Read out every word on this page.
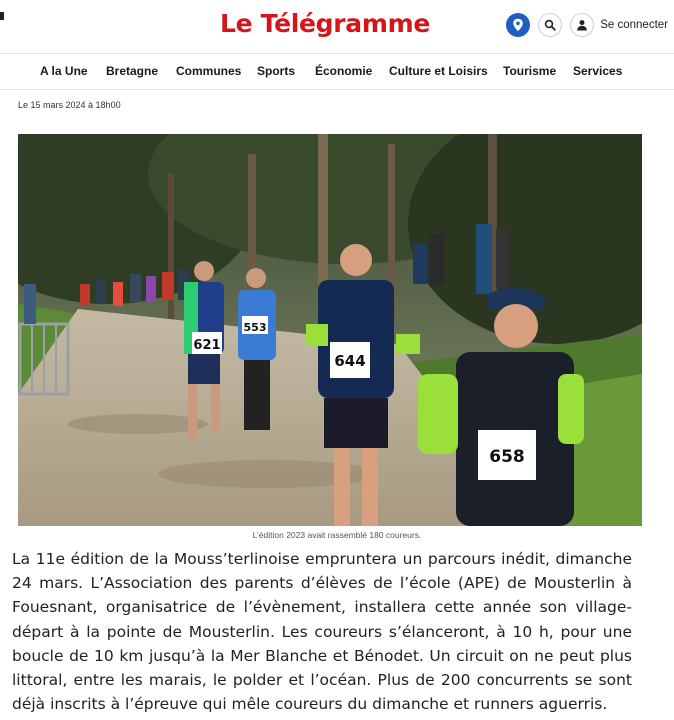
Le Télégramme	Se connecter
A la Une Bretagne Communes Sports Économie Culture et Loisirs Tourisme Services
Le 15 mars 2024 à 18h00
621
553
644
658
L’édition 2023 avait rassemblé 180 coureurs.

La 11e édition de la Mouss’terlinoise empruntera un parcours inédit, dimanche 24 mars. L’Association des parents d’élèves de l’école (APE) de Mousterlin à Fouesnant, organisatrice de l’évènement, installera cette année son village-départ à la pointe de Mousterlin. Les coureurs s’élanceront, à 10 h, pour une boucle de 10 km jusqu’à la Mer Blanche et Bénodet. Un circuit on ne peut plus littoral, entre les marais, le polder et l’océan. Plus de 200 concurrents se sont déjà inscrits à l’épreuve qui mêle coureurs du dimanche et runners aguerris.
